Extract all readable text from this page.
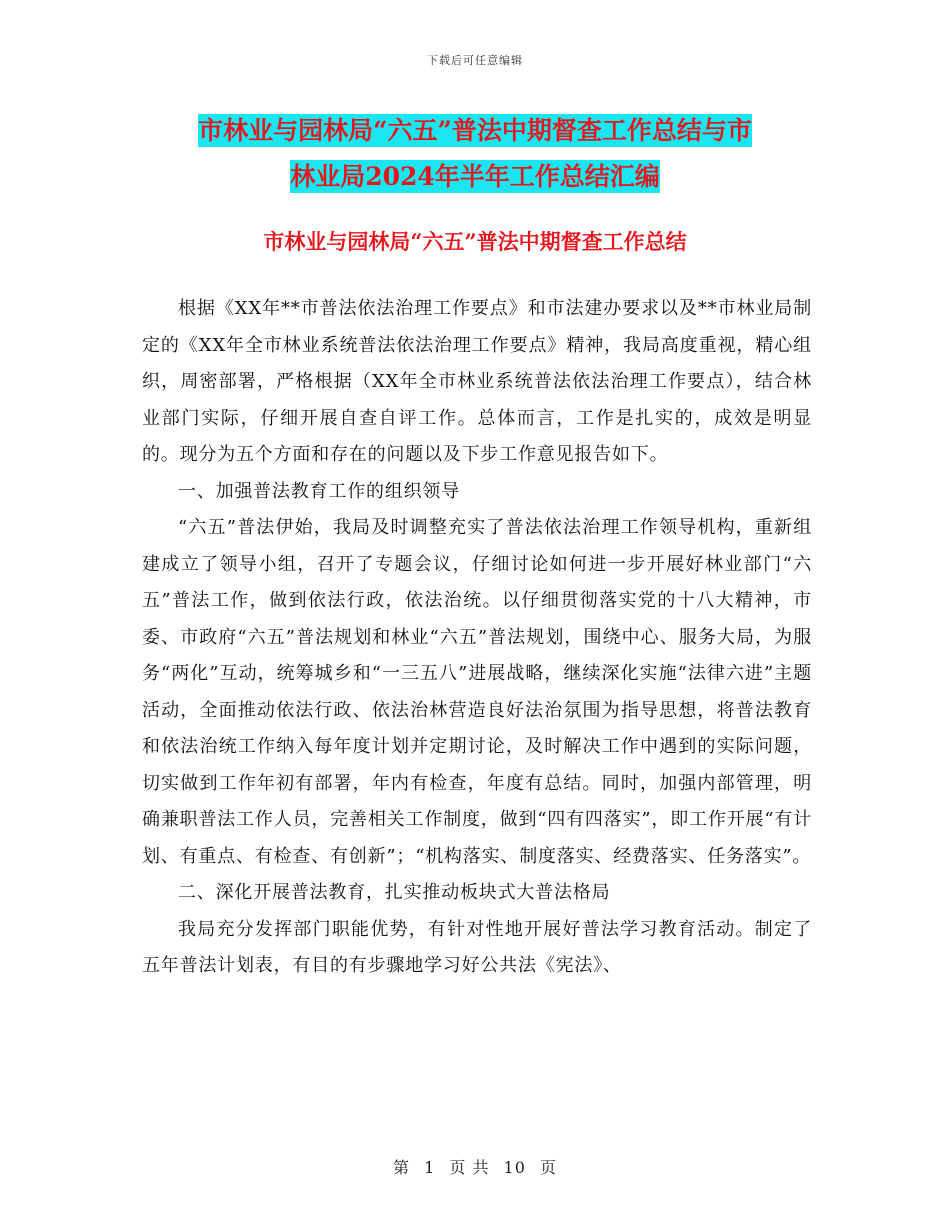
下载后可任意编辑
市林业与园林局“六五”普法中期督查工作总结与市
林业局2024年半年工作总结汇编
市林业与园林局“六五”普法中期督查工作总结

根据《XX年**市普法依法治理工作要点》和市法建办要求以及**市林业局制定的《XX年全市林业系统普法依法治理工作要点》精神，我局高度重视，精心组织，周密部署，严格根据（XX年全市林业系统普法依法治理工作要点），结合林业部门实际，仔细开展自查自评工作。总体而言，工作是扎实的，成效是明显的。现分为五个方面和存在的问题以及下步工作意见报告如下。

一、加强普法教育工作的组织领导

“六五”普法伊始，我局及时调整充实了普法依法治理工作领导机构，重新组建成立了领导小组，召开了专题会议，仔细讨论如何进一步开展好林业部门“六五”普法工作，做到依法行政，依法治统。以仔细贯彻落实党的十八大精神，市委、市政府“六五”普法规划和林业“六五”普法规划，围绕中心、服务大局，为服务“两化”互动，统筹城乡和“一三五八”进展战略，继续深化实施“法律六进”主题活动，全面推动依法行政、依法治林营造良好法治氛围为指导思想，将普法教育和依法治统工作纳入每年度计划并定期讨论，及时解决工作中遇到的实际问题，切实做到工作年初有部署，年内有检查，年度有总结。同时，加强内部管理，明确兼职普法工作人员，完善相关工作制度，做到“四有四落实”，即工作开展“有计划、有重点、有检查、有创新”；“机构落实、制度落实、经费落实、任务落实”。

二、深化开展普法教育，扎实推动板块式大普法格局

我局充分发挥部门职能优势，有针对性地开展好普法学习教育活动。制定了五年普法计划表，有目的有步骤地学习好公共法《宪法》、

第 1 页 共 10 页
